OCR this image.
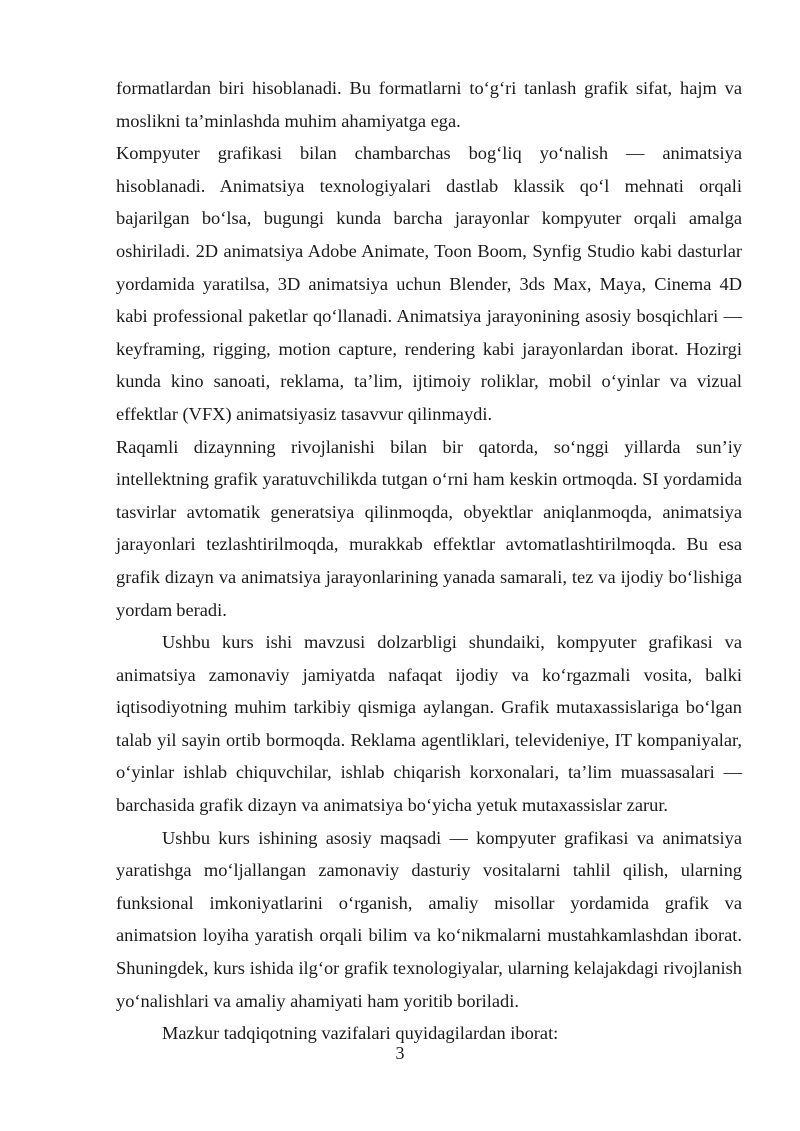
formatlardan biri hisoblanadi. Bu formatlarni to‘g‘ri tanlash grafik sifat, hajm va moslikni ta’minlashda muhim ahamiyatga ega.

Kompyuter grafikasi bilan chambarchas bog‘liq yo‘nalish — animatsiya hisoblanadi. Animatsiya texnologiyalari dastlab klassik qo‘l mehnati orqali bajarilgan bo‘lsa, bugungi kunda barcha jarayonlar kompyuter orqali amalga oshiriladi. 2D animatsiya Adobe Animate, Toon Boom, Synfig Studio kabi dasturlar yordamida yaratilsa, 3D animatsiya uchun Blender, 3ds Max, Maya, Cinema 4D kabi professional paketlar qo‘llanadi. Animatsiya jarayonining asosiy bosqichlari — keyframing, rigging, motion capture, rendering kabi jarayonlardan iborat. Hozirgi kunda kino sanoati, reklama, ta’lim, ijtimoiy roliklar, mobil o‘yinlar va vizual effektlar (VFX) animatsiyasiz tasavvur qilinmaydi.

Raqamli dizaynning rivojlanishi bilan bir qatorda, so‘nggi yillarda sun’iy intellektning grafik yaratuvchilikda tutgan o‘rni ham keskin ortmoqda. SI yordamida tasvirlar avtomatik generatsiya qilinmoqda, obyektlar aniqlanmoqda, animatsiya jarayonlari tezlashtirilmoqda, murakkab effektlar avtomatlashtirilmoqda. Bu esa grafik dizayn va animatsiya jarayonlarining yanada samarali, tez va ijodiy bo‘lishiga yordam beradi.

Ushbu kurs ishi mavzusi dolzarbligi shundaiki, kompyuter grafikasi va animatsiya zamonaviy jamiyatda nafaqat ijodiy va ko‘rgazmali vosita, balki iqtisodiyotning muhim tarkibiy qismiga aylangan. Grafik mutaxassislariga bo‘lgan talab yil sayin ortib bormoqda. Reklama agentliklari, televideniye, IT kompaniyalar, o‘yinlar ishlab chiquvchilar, ishlab chiqarish korxonalari, ta’lim muassasalari — barchasida grafik dizayn va animatsiya bo‘yicha yetuk mutaxassislar zarur.

Ushbu kurs ishining asosiy maqsadi — kompyuter grafikasi va animatsiya yaratishga mo‘ljallangan zamonaviy dasturiy vositalarni tahlil qilish, ularning funksional imkoniyatlarini o‘rganish, amaliy misollar yordamida grafik va animatsion loyiha yaratish orqali bilim va ko‘nikmalarni mustahkamlashdan iborat. Shuningdek, kurs ishida ilg‘or grafik texnologiyalar, ularning kelajakdagi rivojlanish yo‘nalishlari va amaliy ahamiyati ham yoritib boriladi.

Mazkur tadqiqotning vazifalari quyidagilardan iborat:

3
